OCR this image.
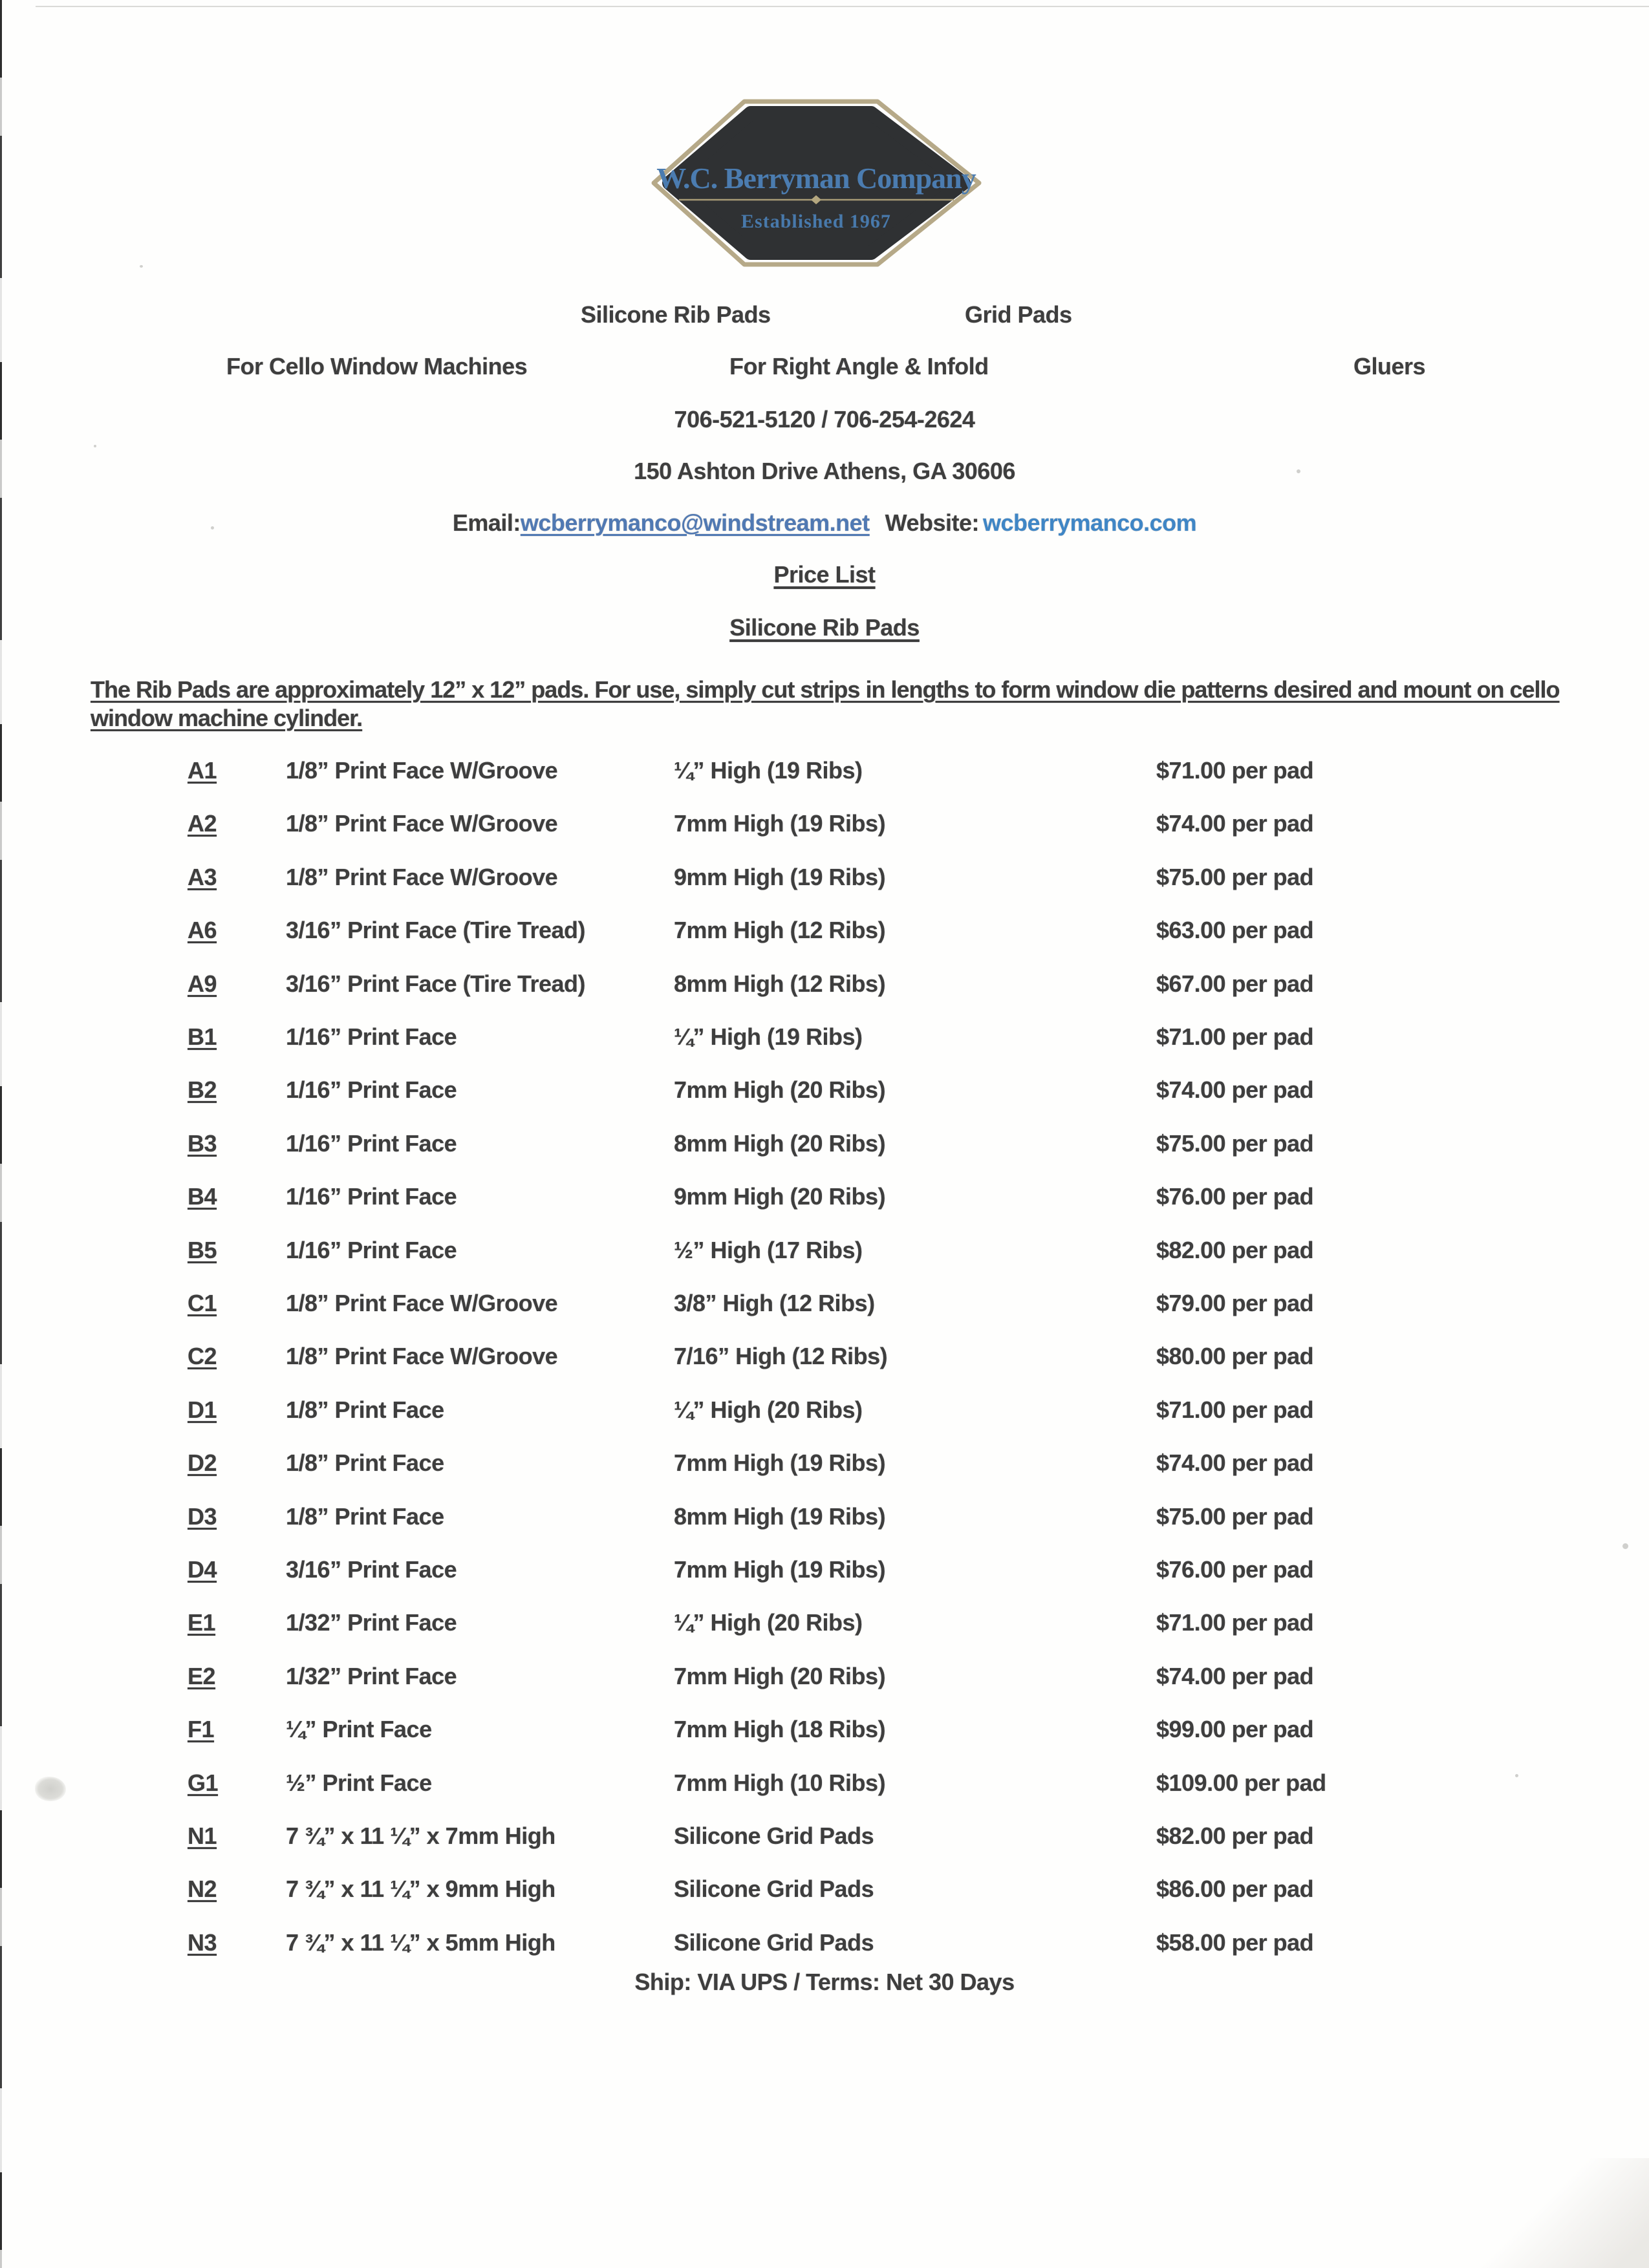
W.C. Berryman Company
Established 1967
Silicone Rib Pads	Grid Pads
For Cello Window Machines	For Right Angle & Infold	Gluers
706-521-5120 / 706-254-2624
150 Ashton Drive Athens, GA 30606
Email:wcberrymanco@windstream.net Website: wcberrymanco.com
Price List
Silicone Rib Pads
The Rib Pads are approximately 12” x 12” pads. For use, simply cut strips in lengths to form window die patterns desired and mount on cello
window machine cylinder.
A1	1/8” Print Face W/Groove	¼” High (19 Ribs)	$71.00 per pad
A2	1/8” Print Face W/Groove	7mm High (19 Ribs)	$74.00 per pad
A3	1/8” Print Face W/Groove	9mm High (19 Ribs)	$75.00 per pad
A6	3/16” Print Face (Tire Tread)	7mm High (12 Ribs)	$63.00 per pad
A9	3/16” Print Face (Tire Tread)	8mm High (12 Ribs)	$67.00 per pad
B1	1/16” Print Face	¼” High (19 Ribs)	$71.00 per pad
B2	1/16” Print Face	7mm High (20 Ribs)	$74.00 per pad
B3	1/16” Print Face	8mm High (20 Ribs)	$75.00 per pad
B4	1/16” Print Face	9mm High (20 Ribs)	$76.00 per pad
B5	1/16” Print Face	½” High (17 Ribs)	$82.00 per pad
C1	1/8” Print Face W/Groove	3/8” High (12 Ribs)	$79.00 per pad
C2	1/8” Print Face W/Groove	7/16” High (12 Ribs)	$80.00 per pad
D1	1/8” Print Face	¼” High (20 Ribs)	$71.00 per pad
D2	1/8” Print Face	7mm High (19 Ribs)	$74.00 per pad
D3	1/8” Print Face	8mm High (19 Ribs)	$75.00 per pad
D4	3/16” Print Face	7mm High (19 Ribs)	$76.00 per pad
E1	1/32” Print Face	¼” High (20 Ribs)	$71.00 per pad
E2	1/32” Print Face	7mm High (20 Ribs)	$74.00 per pad
F1	¼” Print Face	7mm High (18 Ribs)	$99.00 per pad
G1	½” Print Face	7mm High (10 Ribs)	$109.00 per pad
N1	7 ¾” x 11 ¼” x 7mm High	Silicone Grid Pads	$82.00 per pad
N2	7 ¾” x 11 ¼” x 9mm High	Silicone Grid Pads	$86.00 per pad
N3	7 ¾” x 11 ¼” x 5mm High	Silicone Grid Pads	$58.00 per pad
Ship: VIA UPS / Terms: Net 30 Days
